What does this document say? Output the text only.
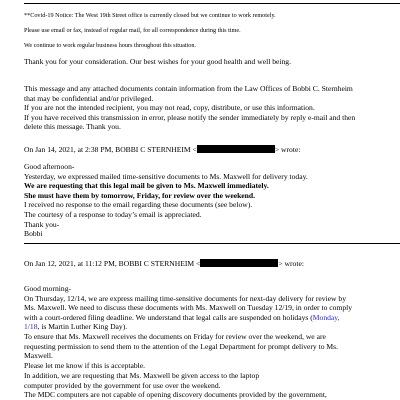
**Covid-19 Notice: The West 19th Street office is currently closed but we continue to work remotely.

Please use email or fax, instead of regular mail, for all correspondence during this time.

We continue to work regular business hours throughout this situation.

Thank you for your consideration. Our best wishes for your good health and well being.

This message and any attached documents contain information from the Law Offices of Bobbi C. Sternheim

that may be confidential and/or privileged.

If you are not the intended recipient, you may not read, copy, distribute, or use this information.

If you have received this transmission in error, please notify the sender immediately by reply e-mail and then

delete this message. Thank you.

On Jan 14, 2021, at 2:38 PM, BOBBI C STERNHEIM <	> wrote:

Good afternoon-

Yesterday, we expressed mailed time-sensitive documents to Ms. Maxwell for delivery today.

We are requesting that this legal mail be given to Ms. Maxwell immediately.

She must have them by tomorrow, Friday, for review over the weekend.

I received no response to the email regarding these documents (see below).

The courtesy of a response to today’s email is appreciated.

Thank you-

Bobbi

On Jan 12, 2021, at 11:12 PM, BOBBI C STERNHEIM <	> wrote:

Good morning-

On Thursday, 12/14, we are express mailing time-sensitive documents for next-day delivery for review by

Ms. Maxwell. We need to discuss these documents with Ms. Maxwell on Tuesday 12/19, in order to comply

with a court-ordered filing deadline. We understand that legal calls are suspended on holidays (Monday,

1/18, is Martin Luther King Day).

To ensure that Ms. Maxwell receives the documents on Friday for review over the weekend, we are

requesting permission to send them to the attention of the Legal Department for prompt delivery to Ms.

Maxwell.

Please let me know if this is acceptable.

In addition, we are requesting that Ms. Maxwell be given access to the laptop

computer provided by the government for use over the weekend.

The MDC computers are not capable of opening discovery documents provided by the government,
